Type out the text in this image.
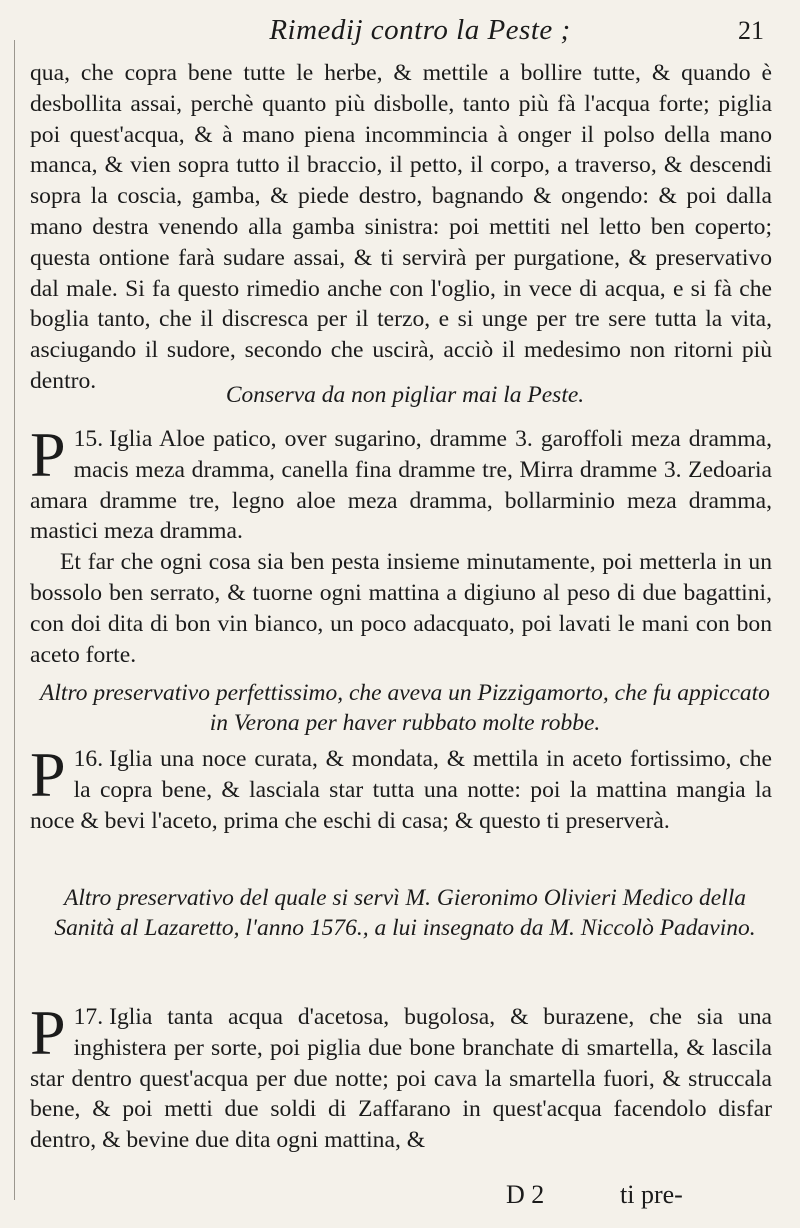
Rimedij contro la Peste ;	21
qua, che copra bene tutte le herbe, & mettile a bollire tutte, & quando è desbollita assai, perchè quanto più disbolle, tanto più fà l'acqua forte; piglia poi quest'acqua, & à mano piena incommincia à onger il polso della mano manca, & vien sopra tutto il braccio, il petto, il corpo, a traverso, & descendi sopra la coscia, gamba, & piede destro, bagnando & ongendo: & poi dalla mano destra venendo alla gamba sinistra: poi mettiti nel letto ben coperto; questa ontione farà sudare assai, & ti servirà per purgatione, & preservativo dal male. Si fa questo rimedio anche con l'oglio, in vece di acqua, e si fà che boglia tanto, che il discresca per il terzo, e si unge per tre sere tutta la vita, asciugando il sudore, secondo che uscirà, acciò il medesimo non ritorni più dentro.
Conserva da non pigliar mai la Peste.
15.
P Iglia Aloe patico, over sugarino, dramme 3. garoffoli meza dramma, macis meza dramma, canella fina dramme tre, Mirra dramme 3. Zedoaria amara dramme tre, legno aloe meza dramma, bollarminio meza dramma, mastici meza dramma.
Et far che ogni cosa sia ben pesta insieme minutamente, poi metterla in un bossolo ben serrato, & tuorne ogni mattina a digiuno al peso di due bagattini, con doi dita di bon vin bianco, un poco adacquato, poi lavati le mani con bon aceto forte.
Altro preservativo perfettissimo, che aveva un Pizzigamorto, che fu appiccato in Verona per haver rubbato molte robbe.
16.
P Iglia una noce curata, & mondata, & mettila in aceto fortissimo, che la copra bene, & lasciala star tutta una notte: poi la mattina mangia la noce & bevi l'aceto, prima che eschi di casa; & questo ti preserverà.
Altro preservativo del quale si servì M. Gieronimo Olivieri Medico della Sanità al Lazaretto, l'anno 1576., a lui insegnato da M. Niccolò Padavino.
17.
P Iglia tanta acqua d'acetosa, bugolosa, & burazene, che sia una inghistera per sorte, poi piglia due bone branchate di smartella, & lascila star dentro quest'acqua per due notte; poi cava la smartella fuori, & struccala bene, & poi metti due soldi di Zaffarano in quest'acqua facendolo disfar dentro, & bevine due dita ogni mattina, &
D 2	ti pre-
